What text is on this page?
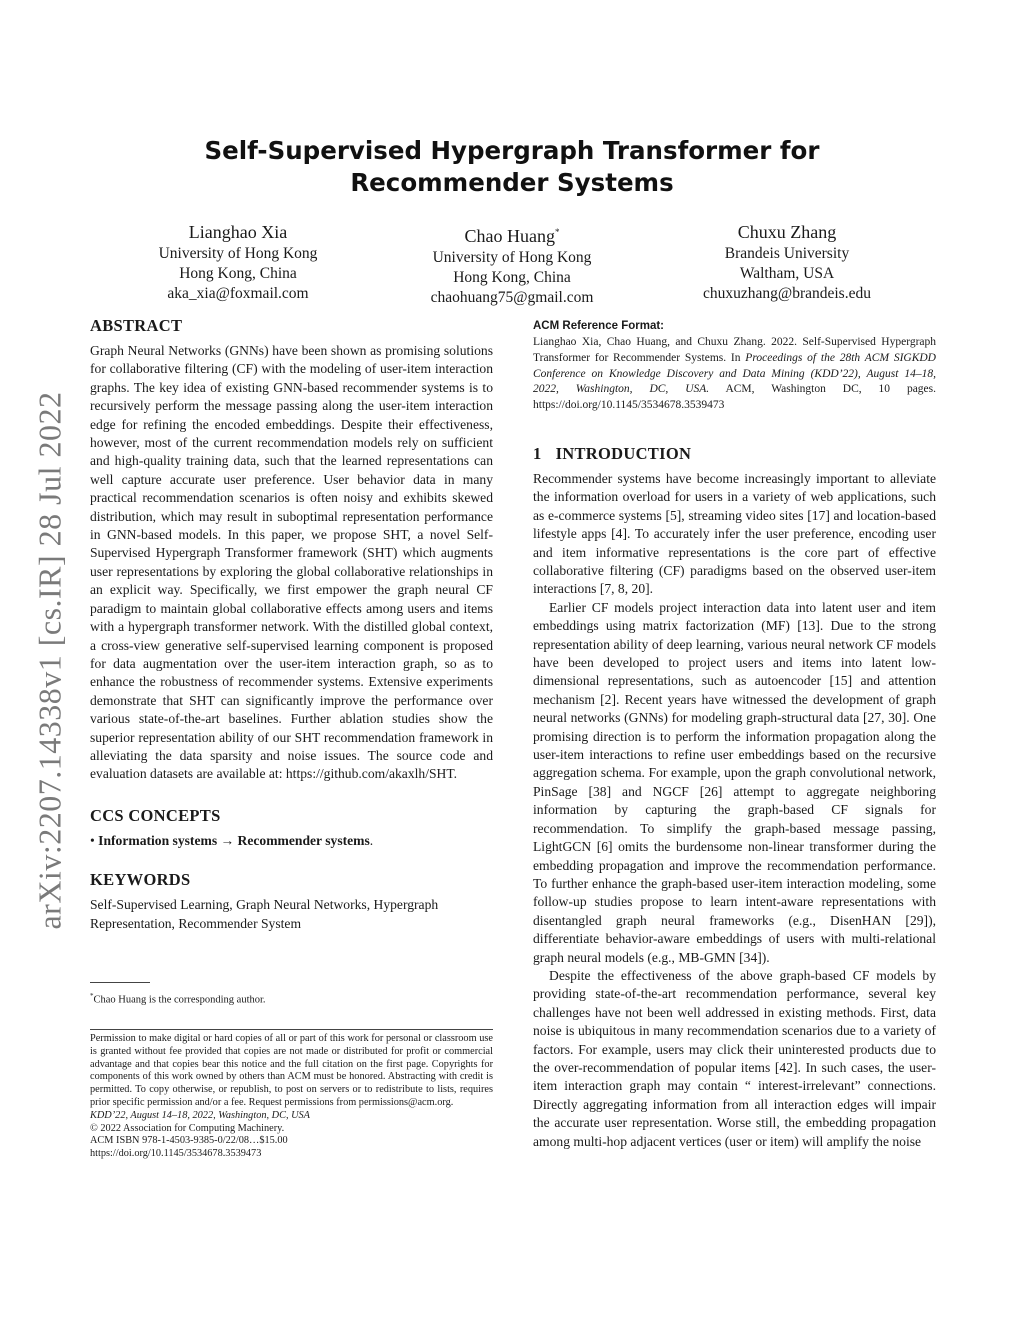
arXiv:2207.14338v1 [cs.IR] 28 Jul 2022
Self-Supervised Hypergraph Transformer for
Recommender Systems
Lianghao Xia
University of Hong Kong
Hong Kong, China
aka_xia@foxmail.com
Chao Huang*
University of Hong Kong
Hong Kong, China
chaohuang75@gmail.com
Chuxu Zhang
Brandeis University
Waltham, USA
chuxuzhang@brandeis.edu
ABSTRACT
Graph Neural Networks (GNNs) have been shown as promising solutions for collaborative filtering (CF) with the modeling of user-item interaction graphs. The key idea of existing GNN-based recommender systems is to recursively perform the message passing along the user-item interaction edge for refining the encoded embeddings. Despite their effectiveness, however, most of the current recommendation models rely on sufficient and high-quality training data, such that the learned representations can well capture accurate user preference. User behavior data in many practical recommendation scenarios is often noisy and exhibits skewed distribution, which may result in suboptimal representation performance in GNN-based models. In this paper, we propose SHT, a novel Self-Supervised Hypergraph Transformer framework (SHT) which augments user representations by exploring the global collaborative relationships in an explicit way. Specifically, we first empower the graph neural CF paradigm to maintain global collaborative effects among users and items with a hypergraph transformer network. With the distilled global context, a cross-view generative self-supervised learning component is proposed for data augmentation over the user-item interaction graph, so as to enhance the robustness of recommender systems. Extensive experiments demonstrate that SHT can significantly improve the performance over various state-of-the-art baselines. Further ablation studies show the superior representation ability of our SHT recommendation framework in alleviating the data sparsity and noise issues. The source code and evaluation datasets are available at: https://github.com/akaxlh/SHT.
CCS CONCEPTS
• Information systems → Recommender systems.
KEYWORDS
Self-Supervised Learning, Graph Neural Networks, Hypergraph Representation, Recommender System
*Chao Huang is the corresponding author.
Permission to make digital or hard copies of all or part of this work for personal or classroom use is granted without fee provided that copies are not made or distributed for profit or commercial advantage and that copies bear this notice and the full citation on the first page. Copyrights for components of this work owned by others than ACM must be honored. Abstracting with credit is permitted. To copy otherwise, or republish, to post on servers or to redistribute to lists, requires prior specific permission and/or a fee. Request permissions from permissions@acm.org.
KDD’22, August 14–18, 2022, Washington, DC, USA
© 2022 Association for Computing Machinery.
ACM ISBN 978-1-4503-9385-0/22/08…$15.00
https://doi.org/10.1145/3534678.3539473
ACM Reference Format:
Lianghao Xia, Chao Huang, and Chuxu Zhang. 2022. Self-Supervised Hypergraph Transformer for Recommender Systems. In Proceedings of the 28th ACM SIGKDD Conference on Knowledge Discovery and Data Mining (KDD’22), August 14–18, 2022, Washington, DC, USA. ACM, Washington DC, 10 pages. https://doi.org/10.1145/3534678.3539473
1 INTRODUCTION
Recommender systems have become increasingly important to alleviate the information overload for users in a variety of web applications, such as e-commerce systems [5], streaming video sites [17] and location-based lifestyle apps [4]. To accurately infer the user preference, encoding user and item informative representations is the core part of effective collaborative filtering (CF) paradigms based on the observed user-item interactions [7, 8, 20].
Earlier CF models project interaction data into latent user and item embeddings using matrix factorization (MF) [13]. Due to the strong representation ability of deep learning, various neural network CF models have been developed to project users and items into latent low-dimensional representations, such as autoencoder [15] and attention mechanism [2]. Recent years have witnessed the development of graph neural networks (GNNs) for modeling graph-structural data [27, 30]. One promising direction is to perform the information propagation along the user-item interactions to refine user embeddings based on the recursive aggregation schema. For example, upon the graph convolutional network, PinSage [38] and NGCF [26] attempt to aggregate neighboring information by capturing the graph-based CF signals for recommendation. To simplify the graph-based message passing, LightGCN [6] omits the burdensome non-linear transformer during the embedding propagation and improve the recommendation performance. To further enhance the graph-based user-item interaction modeling, some follow-up studies propose to learn intent-aware representations with disentangled graph neural frameworks (e.g., DisenHAN [29]), differentiate behavior-aware embeddings of users with multi-relational graph neural models (e.g., MB-GMN [34]).
Despite the effectiveness of the above graph-based CF models by providing state-of-the-art recommendation performance, several key challenges have not been well addressed in existing methods. First, data noise is ubiquitous in many recommendation scenarios due to a variety of factors. For example, users may click their uninterested products due to the over-recommendation of popular items [42]. In such cases, the user-item interaction graph may contain “ interest-irrelevant” connections. Directly aggregating information from all interaction edges will impair the accurate user representation. Worse still, the embedding propagation among multi-hop adjacent vertices (user or item) will amplify the noise
